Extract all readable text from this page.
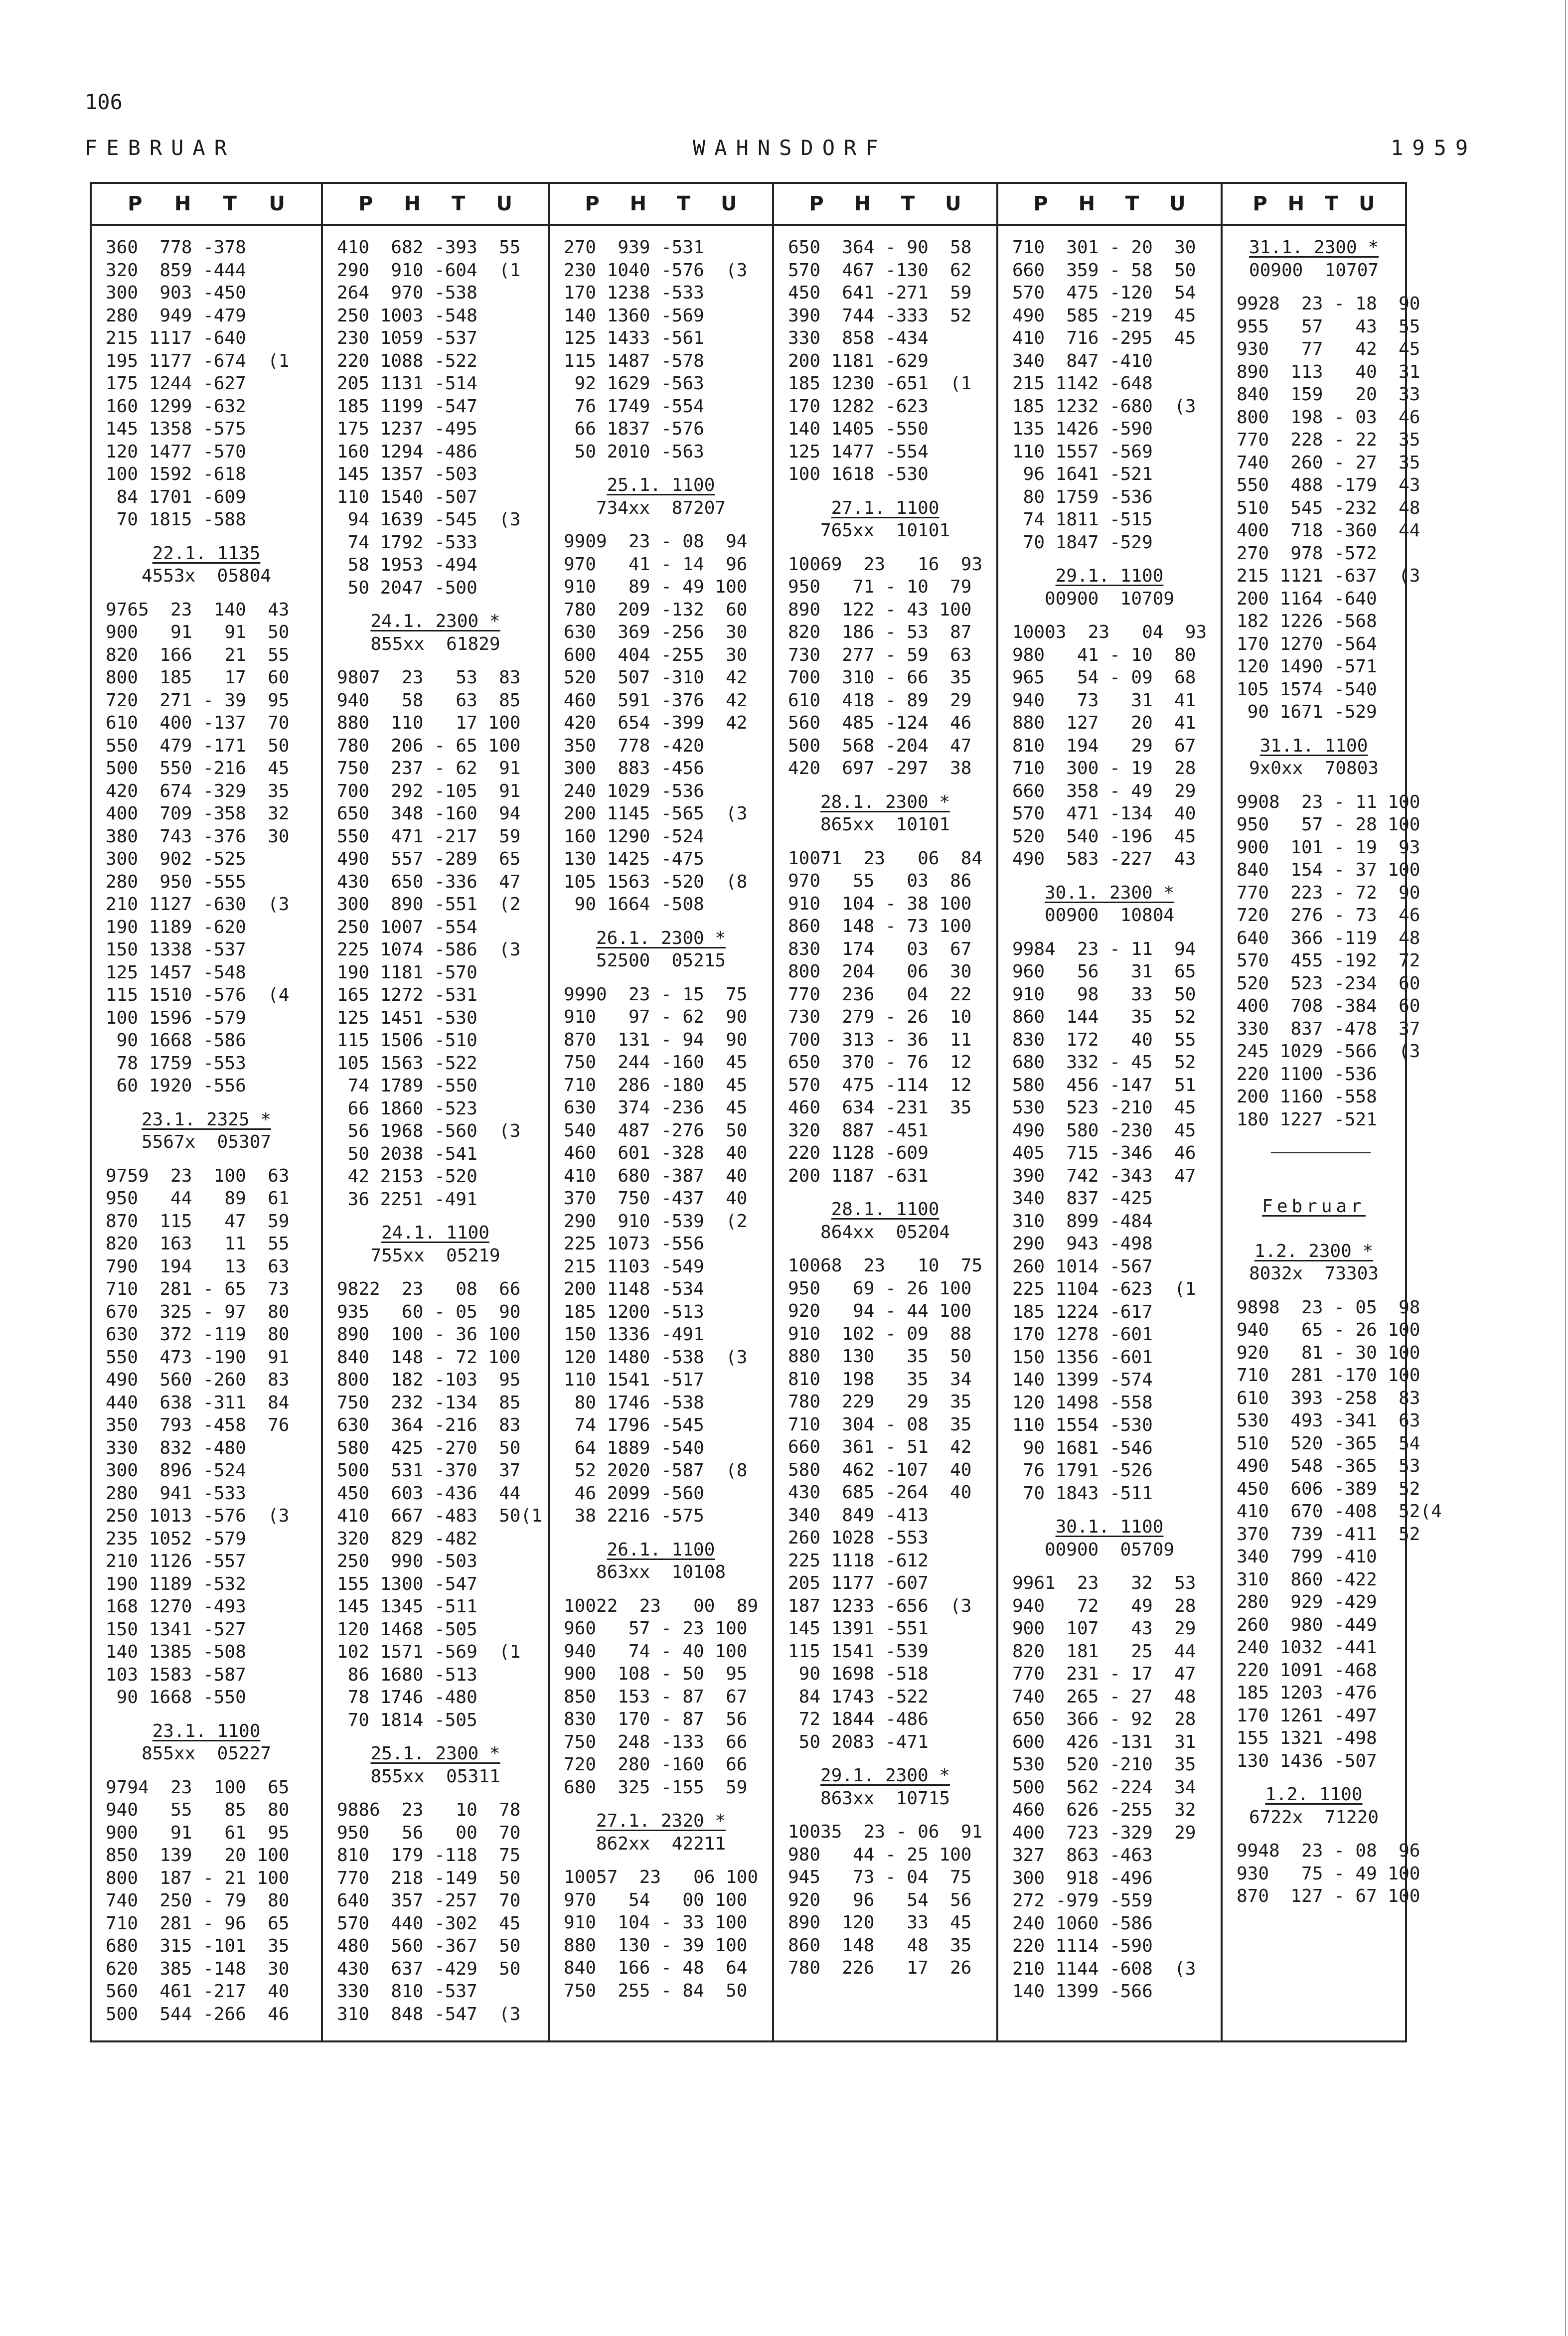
106
FEBRUAR	WAHNSDORF	1959
P H T U
360  778 -378
320  859 -444
300  903 -450
280  949 -479
215 1117 -640
195 1177 -674  (1
175 1244 -627
160 1299 -632
145 1358 -575
120 1477 -570
100 1592 -618
84 1701 -609
70 1815 -588
22.1. 1135
4553x  05804
9765  23  140  43
900   91   91  50
820  166   21  55
800  185   17  60
720  271 - 39  95
610  400 -137  70
550  479 -171  50
500  550 -216  45
420  674 -329  35
400  709 -358  32
380  743 -376  30
300  902 -525
280  950 -555
210 1127 -630  (3
190 1189 -620
150 1338 -537
125 1457 -548
115 1510 -576  (4
100 1596 -579
90 1668 -586
78 1759 -553
60 1920 -556
23.1. 2325 *
5567x  05307
9759  23  100  63
950   44   89  61
870  115   47  59
820  163   11  55
790  194   13  63
710  281 - 65  73
670  325 - 97  80
630  372 -119  80
550  473 -190  91
490  560 -260  83
440  638 -311  84
350  793 -458  76
330  832 -480
300  896 -524
280  941 -533
250 1013 -576  (3
235 1052 -579
210 1126 -557
190 1189 -532
168 1270 -493
150 1341 -527
140 1385 -508
103 1583 -587
90 1668 -550
23.1. 1100
855xx  05227
9794  23  100  65
940   55   85  80
900   91   61  95
850  139   20 100
800  187 - 21 100
740  250 - 79  80
710  281 - 96  65
680  315 -101  35
620  385 -148  30
560  461 -217  40
500  544 -266  46
P H T U
410  682 -393  55
290  910 -604  (1
264  970 -538
250 1003 -548
230 1059 -537
220 1088 -522
205 1131 -514
185 1199 -547
175 1237 -495
160 1294 -486
145 1357 -503
110 1540 -507
94 1639 -545  (3
74 1792 -533
58 1953 -494
50 2047 -500
24.1. 2300 *
855xx  61829
9807  23   53  83
940   58   63  85
880  110   17 100
780  206 - 65 100
750  237 - 62  91
700  292 -105  91
650  348 -160  94
550  471 -217  59
490  557 -289  65
430  650 -336  47
300  890 -551  (2
250 1007 -554
225 1074 -586  (3
190 1181 -570
165 1272 -531
125 1451 -530
115 1506 -510
105 1563 -522
74 1789 -550
66 1860 -523
56 1968 -560  (3
50 2038 -541
42 2153 -520
36 2251 -491
24.1. 1100
755xx  05219
9822  23   08  66
935   60 - 05  90
890  100 - 36 100
840  148 - 72 100
800  182 -103  95
750  232 -134  85
630  364 -216  83
580  425 -270  50
500  531 -370  37
450  603 -436  44
410  667 -483  50(1
320  829 -482
250  990 -503
155 1300 -547
145 1345 -511
120 1468 -505
102 1571 -569  (1
86 1680 -513
78 1746 -480
70 1814 -505
25.1. 2300 *
855xx  05311
9886  23   10  78
950   56   00  70
810  179 -118  75
770  218 -149  50
640  357 -257  70
570  440 -302  45
480  560 -367  50
430  637 -429  50
330  810 -537
310  848 -547  (3
P H T U
270  939 -531
230 1040 -576  (3
170 1238 -533
140 1360 -569
125 1433 -561
115 1487 -578
92 1629 -563
76 1749 -554
66 1837 -576
50 2010 -563
25.1. 1100
734xx  87207
9909  23 - 08  94
970   41 - 14  96
910   89 - 49 100
780  209 -132  60
630  369 -256  30
600  404 -255  30
520  507 -310  42
460  591 -376  42
420  654 -399  42
350  778 -420
300  883 -456
240 1029 -536
200 1145 -565  (3
160 1290 -524
130 1425 -475
105 1563 -520  (8
90 1664 -508
26.1. 2300 *
52500  05215
9990  23 - 15  75
910   97 - 62  90
870  131 - 94  90
750  244 -160  45
710  286 -180  45
630  374 -236  45
540  487 -276  50
460  601 -328  40
410  680 -387  40
370  750 -437  40
290  910 -539  (2
225 1073 -556
215 1103 -549
200 1148 -534
185 1200 -513
150 1336 -491
120 1480 -538  (3
110 1541 -517
80 1746 -538
74 1796 -545
64 1889 -540
52 2020 -587  (8
46 2099 -560
38 2216 -575
26.1. 1100
863xx  10108
10022  23   00  89
960   57 - 23 100
940   74 - 40 100
900  108 - 50  95
850  153 - 87  67
830  170 - 87  56
750  248 -133  66
720  280 -160  66
680  325 -155  59
27.1. 2320 *
862xx  42211
10057  23   06 100
970   54   00 100
910  104 - 33 100
880  130 - 39 100
840  166 - 48  64
750  255 - 84  50
P H T U
650  364 - 90  58
570  467 -130  62
450  641 -271  59
390  744 -333  52
330  858 -434
200 1181 -629
185 1230 -651  (1
170 1282 -623
140 1405 -550
125 1477 -554
100 1618 -530
27.1. 1100
765xx  10101
10069  23   16  93
950   71 - 10  79
890  122 - 43 100
820  186 - 53  87
730  277 - 59  63
700  310 - 66  35
610  418 - 89  29
560  485 -124  46
500  568 -204  47
420  697 -297  38
28.1. 2300 *
865xx  10101
10071  23   06  84
970   55   03  86
910  104 - 38 100
860  148 - 73 100
830  174   03  67
800  204   06  30
770  236   04  22
730  279 - 26  10
700  313 - 36  11
650  370 - 76  12
570  475 -114  12
460  634 -231  35
320  887 -451
220 1128 -609
200 1187 -631
28.1. 1100
864xx  05204
10068  23   10  75
950   69 - 26 100
920   94 - 44 100
910  102 - 09  88
880  130   35  50
810  198   35  34
780  229   29  35
710  304 - 08  35
660  361 - 51  42
580  462 -107  40
430  685 -264  40
340  849 -413
260 1028 -553
225 1118 -612
205 1177 -607
187 1233 -656  (3
145 1391 -551
115 1541 -539
90 1698 -518
84 1743 -522
72 1844 -486
50 2083 -471
29.1. 2300 *
863xx  10715
10035  23 - 06  91
980   44 - 25 100
945   73 - 04  75
920   96   54  56
890  120   33  45
860  148   48  35
780  226   17  26
P H T U
710  301 - 20  30
660  359 - 58  50
570  475 -120  54
490  585 -219  45
410  716 -295  45
340  847 -410
215 1142 -648
185 1232 -680  (3
135 1426 -590
110 1557 -569
96 1641 -521
80 1759 -536
74 1811 -515
70 1847 -529
29.1. 1100
00900  10709
10003  23   04  93
980   41 - 10  80
965   54 - 09  68
940   73   31  41
880  127   20  41
810  194   29  67
710  300 - 19  28
660  358 - 49  29
570  471 -134  40
520  540 -196  45
490  583 -227  43
30.1. 2300 *
00900  10804
9984  23 - 11  94
960   56   31  65
910   98   33  50
860  144   35  52
830  172   40  55
680  332 - 45  52
580  456 -147  51
530  523 -210  45
490  580 -230  45
405  715 -346  46
390  742 -343  47
340  837 -425
310  899 -484
290  943 -498
260 1014 -567
225 1104 -623  (1
185 1224 -617
170 1278 -601
150 1356 -601
140 1399 -574
120 1498 -558
110 1554 -530
90 1681 -546
76 1791 -526
70 1843 -511
30.1. 1100
00900  05709
9961  23   32  53
940   72   49  28
900  107   43  29
820  181   25  44
770  231 - 17  47
740  265 - 27  48
650  366 - 92  28
600  426 -131  31
530  520 -210  35
500  562 -224  34
460  626 -255  32
400  723 -329  29
327  863 -463
300  918 -496
272 -979 -559
240 1060 -586
220 1114 -590
210 1144 -608  (3
140 1399 -566
P H T U
31.1. 2300 *
00900  10707
9928  23 - 18  90
955   57   43  55
930   77   42  45
890  113   40  31
840  159   20  33
800  198 - 03  46
770  228 - 22  35
740  260 - 27  35
550  488 -179  43
510  545 -232  48
400  718 -360  44
270  978 -572
215 1121 -637  (3
200 1164 -640
182 1226 -568
170 1270 -564
120 1490 -571
105 1574 -540
90 1671 -529
31.1. 1100
9x0xx  70803
9908  23 - 11 100
950   57 - 28 100
900  101 - 19  93
840  154 - 37 100
770  223 - 72  90
720  276 - 73  46
640  366 -119  48
570  455 -192  72
520  523 -234  60
400  708 -384  60
330  837 -478  37
245 1029 -566  (3
220 1100 -536
200 1160 -558
180 1227 -521
Februar
1.2. 2300 *
8032x  73303
9898  23 - 05  98
940   65 - 26 100
920   81 - 30 100
710  281 -170 100
610  393 -258  83
530  493 -341  63
510  520 -365  54
490  548 -365  53
450  606 -389  52
410  670 -408  52(4
370  739 -411  52
340  799 -410
310  860 -422
280  929 -429
260  980 -449
240 1032 -441
220 1091 -468
185 1203 -476
170 1261 -497
155 1321 -498
130 1436 -507
1.2. 1100
6722x  71220
9948  23 - 08  96
930   75 - 49 100
870  127 - 67 100
